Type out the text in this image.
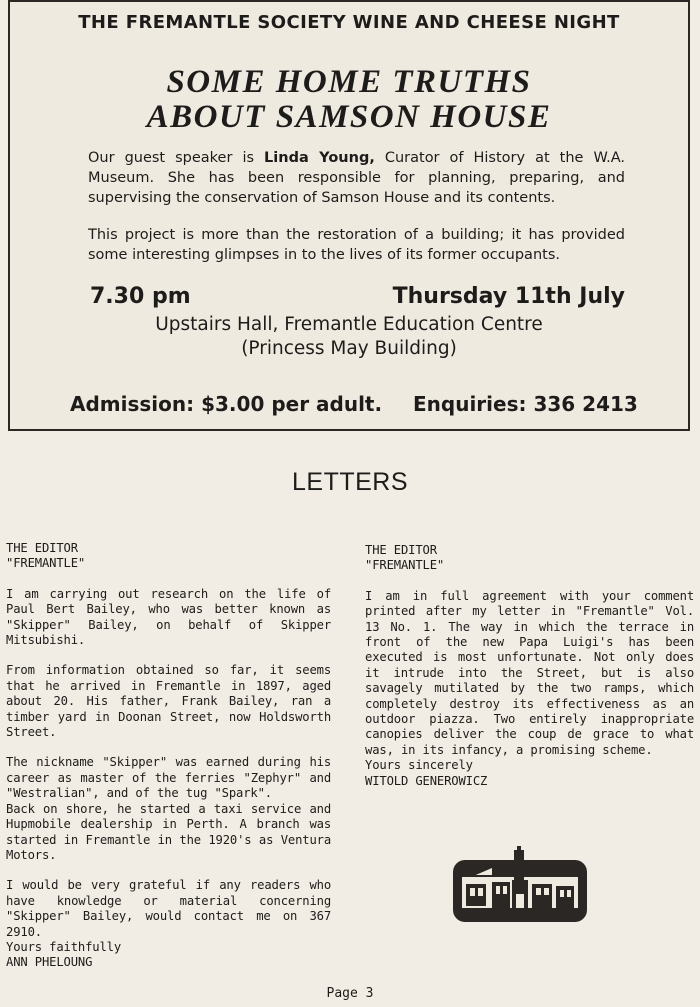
THE FREMANTLE SOCIETY WINE AND CHEESE NIGHT
SOME HOME TRUTHS
ABOUT SAMSON HOUSE
Our guest speaker is Linda Young, Curator of History at the W.A. Museum. She has been responsible for planning, preparing, and supervising the conservation of Samson House and its contents.
This project is more than the restoration of a building; it has provided some interesting glimpses in to the lives of its former occupants.
7.30 pm	Thursday 11th July
Upstairs Hall, Fremantle Education Centre
(Princess May Building)
Admission: $3.00 per adult. Enquiries: 336 2413
LETTERS

THE EDITOR

"FREMANTLE"

I am carrying out research on the life of Paul Bert Bailey, who was better known as "Skipper" Bailey, on behalf of Skipper Mitsubishi.

From information obtained so far, it seems that he arrived in Fremantle in 1897, aged about 20. His father, Frank Bailey, ran a timber yard in Doonan Street, now Holdsworth Street.

The nickname "Skipper" was earned during his career as master of the ferries "Zephyr" and "Westralian", and of the tug "Spark".

Back on shore, he started a taxi service and Hupmobile dealership in Perth. A branch was started in Fremantle in the 1920's as Ventura Motors.

I would be very grateful if any readers who have knowledge or material concerning "Skipper" Bailey, would contact me on 367 2910.

Yours faithfully

ANN PHELOUNG

THE EDITOR

"FREMANTLE"

I am in full agreement with your comment printed after my letter in "Fremantle" Vol. 13 No. 1. The way in which the terrace in front of the new Papa Luigi's has been executed is most unfortunate. Not only does it intrude into the Street, but is also savagely mutilated by the two ramps, which completely destroy its effectiveness as an outdoor piazza. Two entirely inappropriate canopies deliver the coup de grace to what was, in its infancy, a promising scheme.

Yours sincerely

WITOLD GENEROWICZ

Page 3
